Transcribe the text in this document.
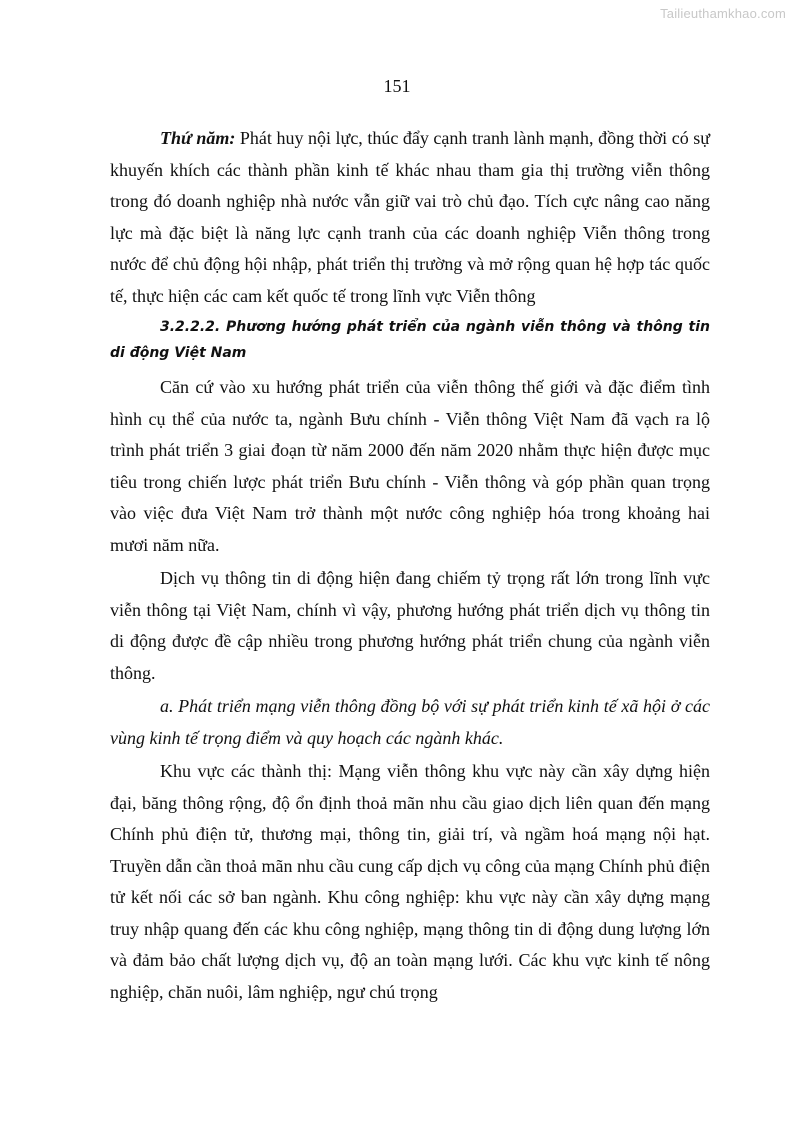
Tailieuthamkhao.com
151

Thứ năm: Phát huy nội lực, thúc đẩy cạnh tranh lành mạnh, đồng thời có sự khuyến khích các thành phần kinh tế khác nhau tham gia thị trường viễn thông trong đó doanh nghiệp nhà nước vẫn giữ vai trò chủ đạo. Tích cực nâng cao năng lực mà đặc biệt là năng lực cạnh tranh của các doanh nghiệp Viễn thông trong nước để chủ động hội nhập, phát triển thị trường và mở rộng quan hệ hợp tác quốc tế, thực hiện các cam kết quốc tế trong lĩnh vực Viễn thông

3.2.2.2. Phương hướng phát triển của ngành viễn thông và thông tin di động Việt Nam

Căn cứ vào xu hướng phát triển của viễn thông thế giới và đặc điểm tình hình cụ thể của nước ta, ngành Bưu chính - Viễn thông Việt Nam đã vạch ra lộ trình phát triển 3 giai đoạn từ năm 2000 đến năm 2020 nhằm thực hiện được mục tiêu trong chiến lược phát triển Bưu chính - Viễn thông và góp phần quan trọng vào việc đưa Việt Nam trở thành một nước công nghiệp hóa trong khoảng hai mươi năm nữa.

Dịch vụ thông tin di động hiện đang chiếm tỷ trọng rất lớn trong lĩnh vực viễn thông tại Việt Nam, chính vì vậy, phương hướng phát triển dịch vụ thông tin di động được đề cập nhiều trong phương hướng phát triển chung của ngành viễn thông.

a. Phát triển mạng viễn thông đồng bộ với sự phát triển kinh tế xã hội ở các vùng kinh tế trọng điểm và quy hoạch các ngành khác.

Khu vực các thành thị: Mạng viễn thông khu vực này cần xây dựng hiện đại, băng thông rộng, độ ổn định thoả mãn nhu cầu giao dịch liên quan đến mạng Chính phủ điện tử, thương mại, thông tin, giải trí, và ngầm hoá mạng nội hạt. Truyền dẫn cần thoả mãn nhu cầu cung cấp dịch vụ công của mạng Chính phủ điện tử kết nối các sở ban ngành. Khu công nghiệp: khu vực này cần xây dựng mạng truy nhập quang đến các khu công nghiệp, mạng thông tin di động dung lượng lớn và đảm bảo chất lượng dịch vụ, độ an toàn mạng lưới. Các khu vực kinh tế nông nghiệp, chăn nuôi, lâm nghiệp, ngư chú trọng
